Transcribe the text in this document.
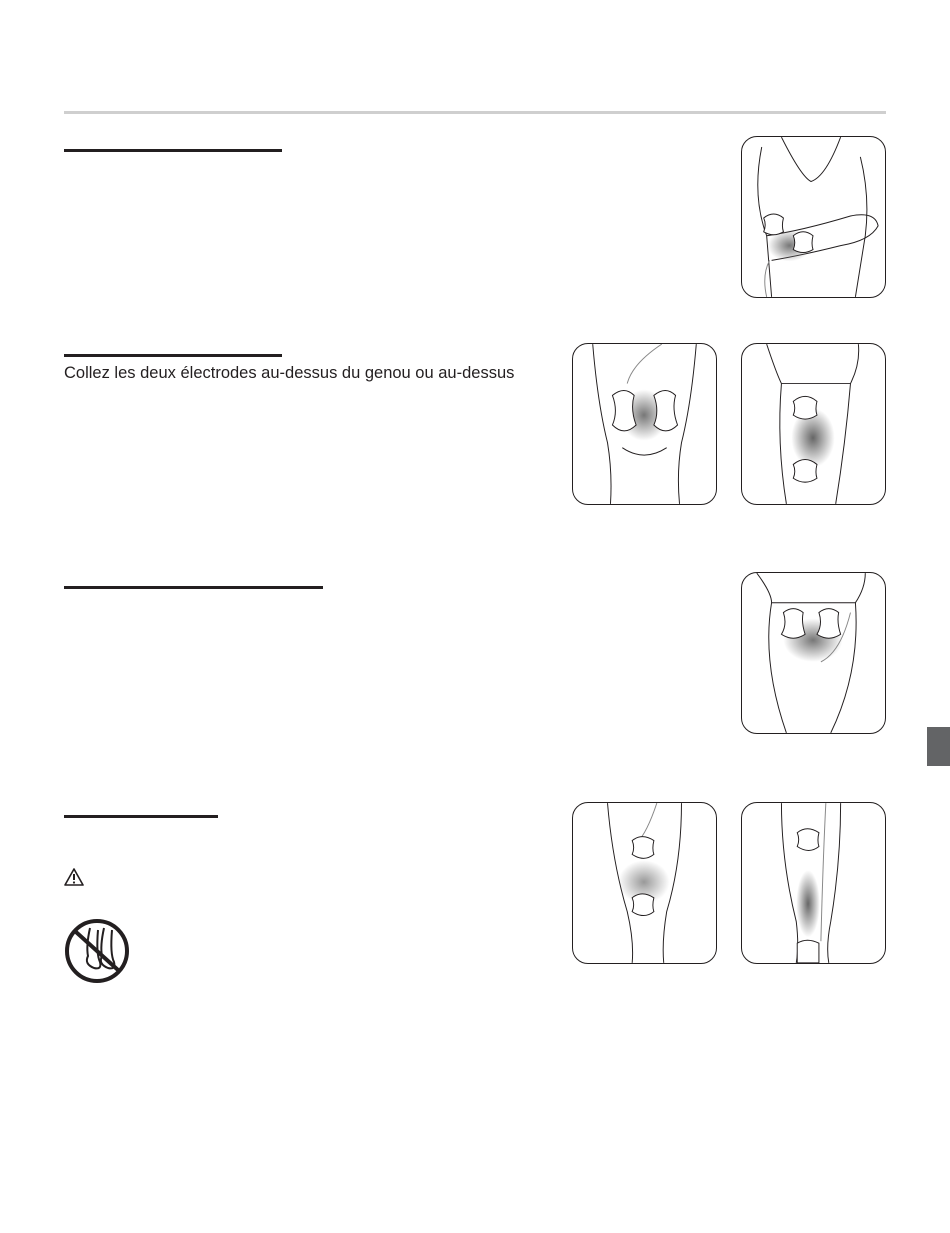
Collez les deux électrodes au-dessus du genou ou au-dessus
